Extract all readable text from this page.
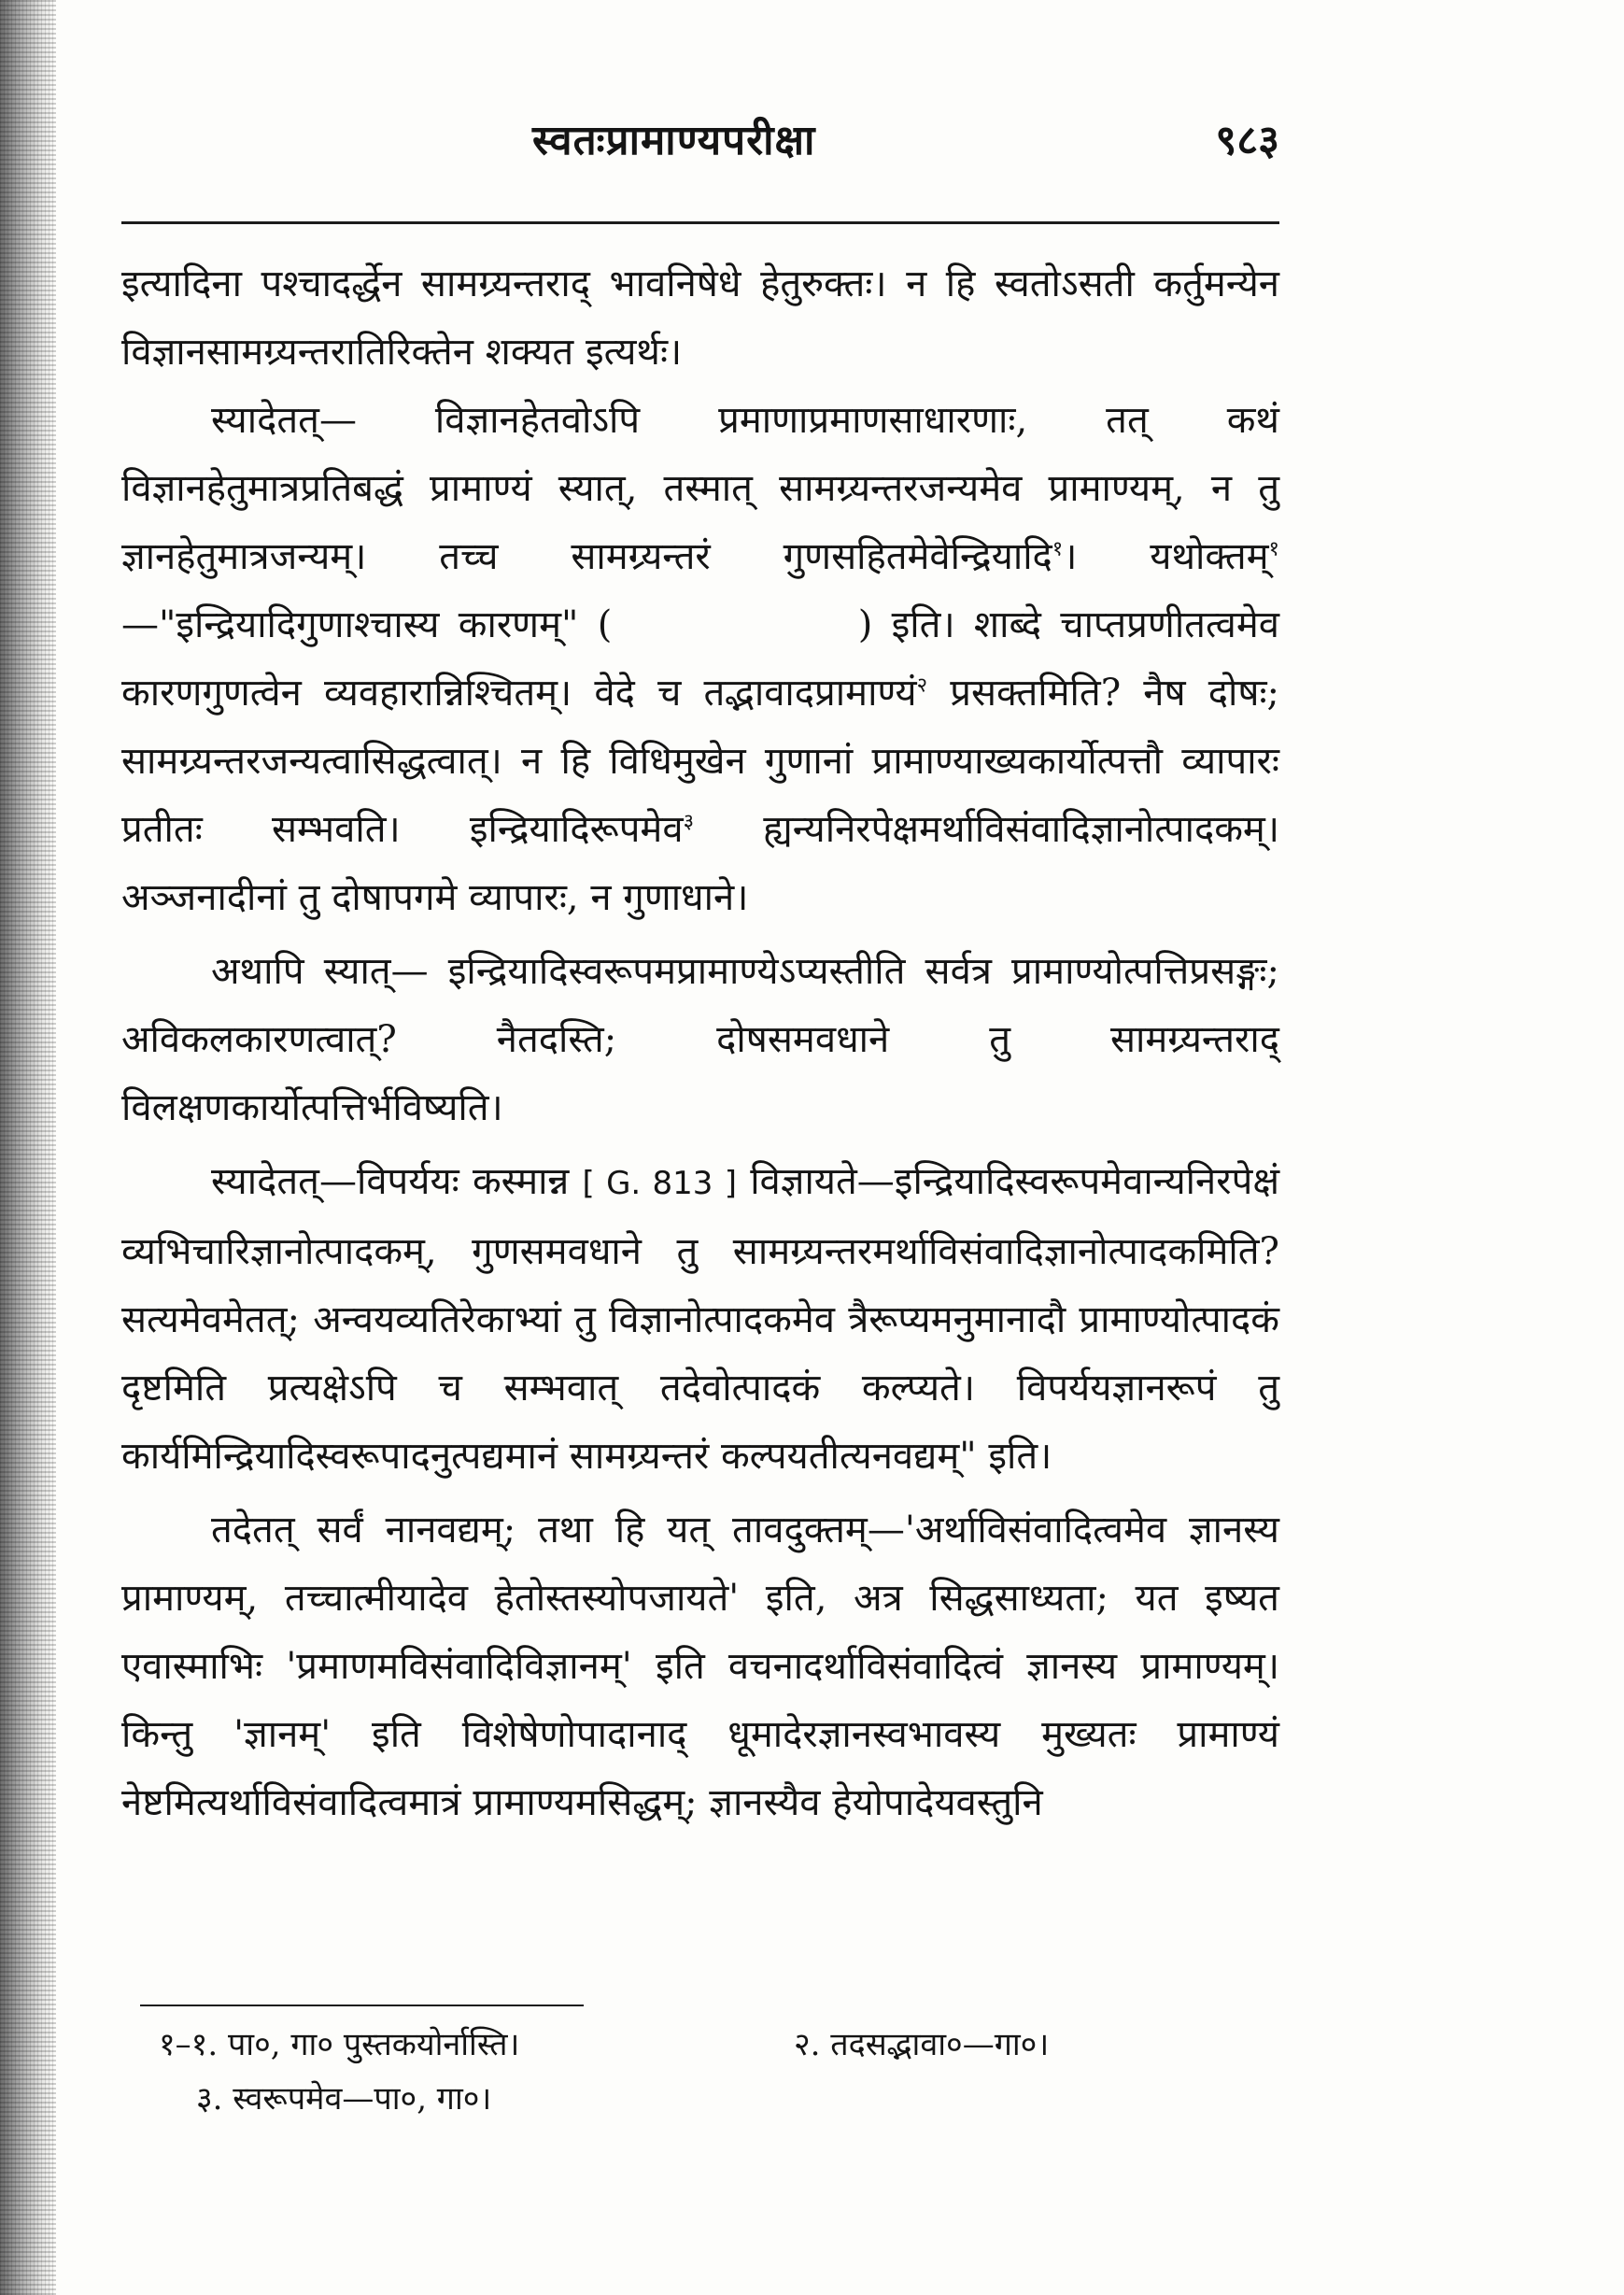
स्वतःप्रामाण्यपरीक्षा	९८३

इत्यादिना पश्चादर्द्धेन सामग्र्यन्तराद् भावनिषेधे हेतुरुक्तः। न हि स्वतोऽसती कर्तुमन्येन विज्ञानसामग्र्यन्तरातिरिक्तेन शक्यत इत्यर्थः।

स्यादेतत्— विज्ञानहेतवोऽपि प्रमाणाप्रमाणसाधारणाः, तत् कथं विज्ञानहेतुमात्रप्रतिबद्धं प्रामाण्यं स्यात्, तस्मात् सामग्र्यन्तरजन्यमेव प्रामाण्यम्, न तु ज्ञानहेतुमात्रजन्यम्। तच्च सामग्र्यन्तरं गुणसहितमेवेन्द्रियादि$^१$। यथोक्तम्$^१$—"इन्द्रियादिगुणाश्चास्य कारणम्" (	) इति। शाब्दे चाप्तप्रणीतत्वमेव कारणगुणत्वेन व्यवहारान्निश्चितम्। वेदे च तद्भावादप्रामाण्यं$^२$ प्रसक्तमिति? नैष दोषः; सामग्र्यन्तरजन्यत्वासिद्धत्वात्। न हि विधिमुखेन गुणानां प्रामाण्याख्यकार्योत्पत्तौ व्यापारः प्रतीतः सम्भवति। इन्द्रियादिरूपमेव$^३$ ह्यन्यनिरपेक्षमर्थाविसंवादिज्ञानोत्पादकम्। अञ्जनादीनां तु दोषापगमे व्यापारः, न गुणाधाने।

अथापि स्यात्— इन्द्रियादिस्वरूपमप्रामाण्येऽप्यस्तीति सर्वत्र प्रामाण्योत्पत्तिप्रसङ्गः; अविकलकारणत्वात्? नैतदस्ति; दोषसमवधाने तु सामग्र्यन्तराद् विलक्षणकार्योत्पत्तिर्भविष्यति।

स्यादेतत्—विपर्ययः कस्मान्न [ G. 813 ] विज्ञायते—इन्द्रियादिस्वरूपमेवान्यनिरपेक्षं व्यभिचारिज्ञानोत्पादकम्, गुणसमवधाने तु सामग्र्यन्तरमर्थाविसंवादिज्ञानोत्पादकमिति? सत्यमेवमेतत्; अन्वयव्यतिरेकाभ्यां तु विज्ञानोत्पादकमेव त्रैरूप्यमनुमानादौ प्रामाण्योत्पादकं दृष्टमिति प्रत्यक्षेऽपि च सम्भवात् तदेवोत्पादकं कल्प्यते। विपर्ययज्ञानरूपं तु कार्यमिन्द्रियादिस्वरूपादनुत्पद्यमानं सामग्र्यन्तरं कल्पयतीत्यनवद्यम्" इति।

तदेतत् सर्वं नानवद्यम्; तथा हि यत् तावदुक्तम्—'अर्थाविसंवादित्वमेव ज्ञानस्य प्रामाण्यम्, तच्चात्मीयादेव हेतोस्तस्योपजायते' इति, अत्र सिद्धसाध्यता; यत इष्यत एवास्माभिः 'प्रमाणमविसंवादिविज्ञानम्' इति वचनादर्थाविसंवादित्वं ज्ञानस्य प्रामाण्यम्। किन्तु 'ज्ञानम्' इति विशेषेणोपादानाद् धूमादेरज्ञानस्वभावस्य मुख्यतः प्रामाण्यं नेष्टमित्यर्थाविसंवादित्वमात्रं प्रामाण्यमसिद्धम्; ज्ञानस्यैव हेयोपादेयवस्तुनि

१–१. पा०, गा० पुस्तकयोर्नास्ति।	२. तदसद्भावा०—गा०।
३. स्वरूपमेव—पा०, गा०।
